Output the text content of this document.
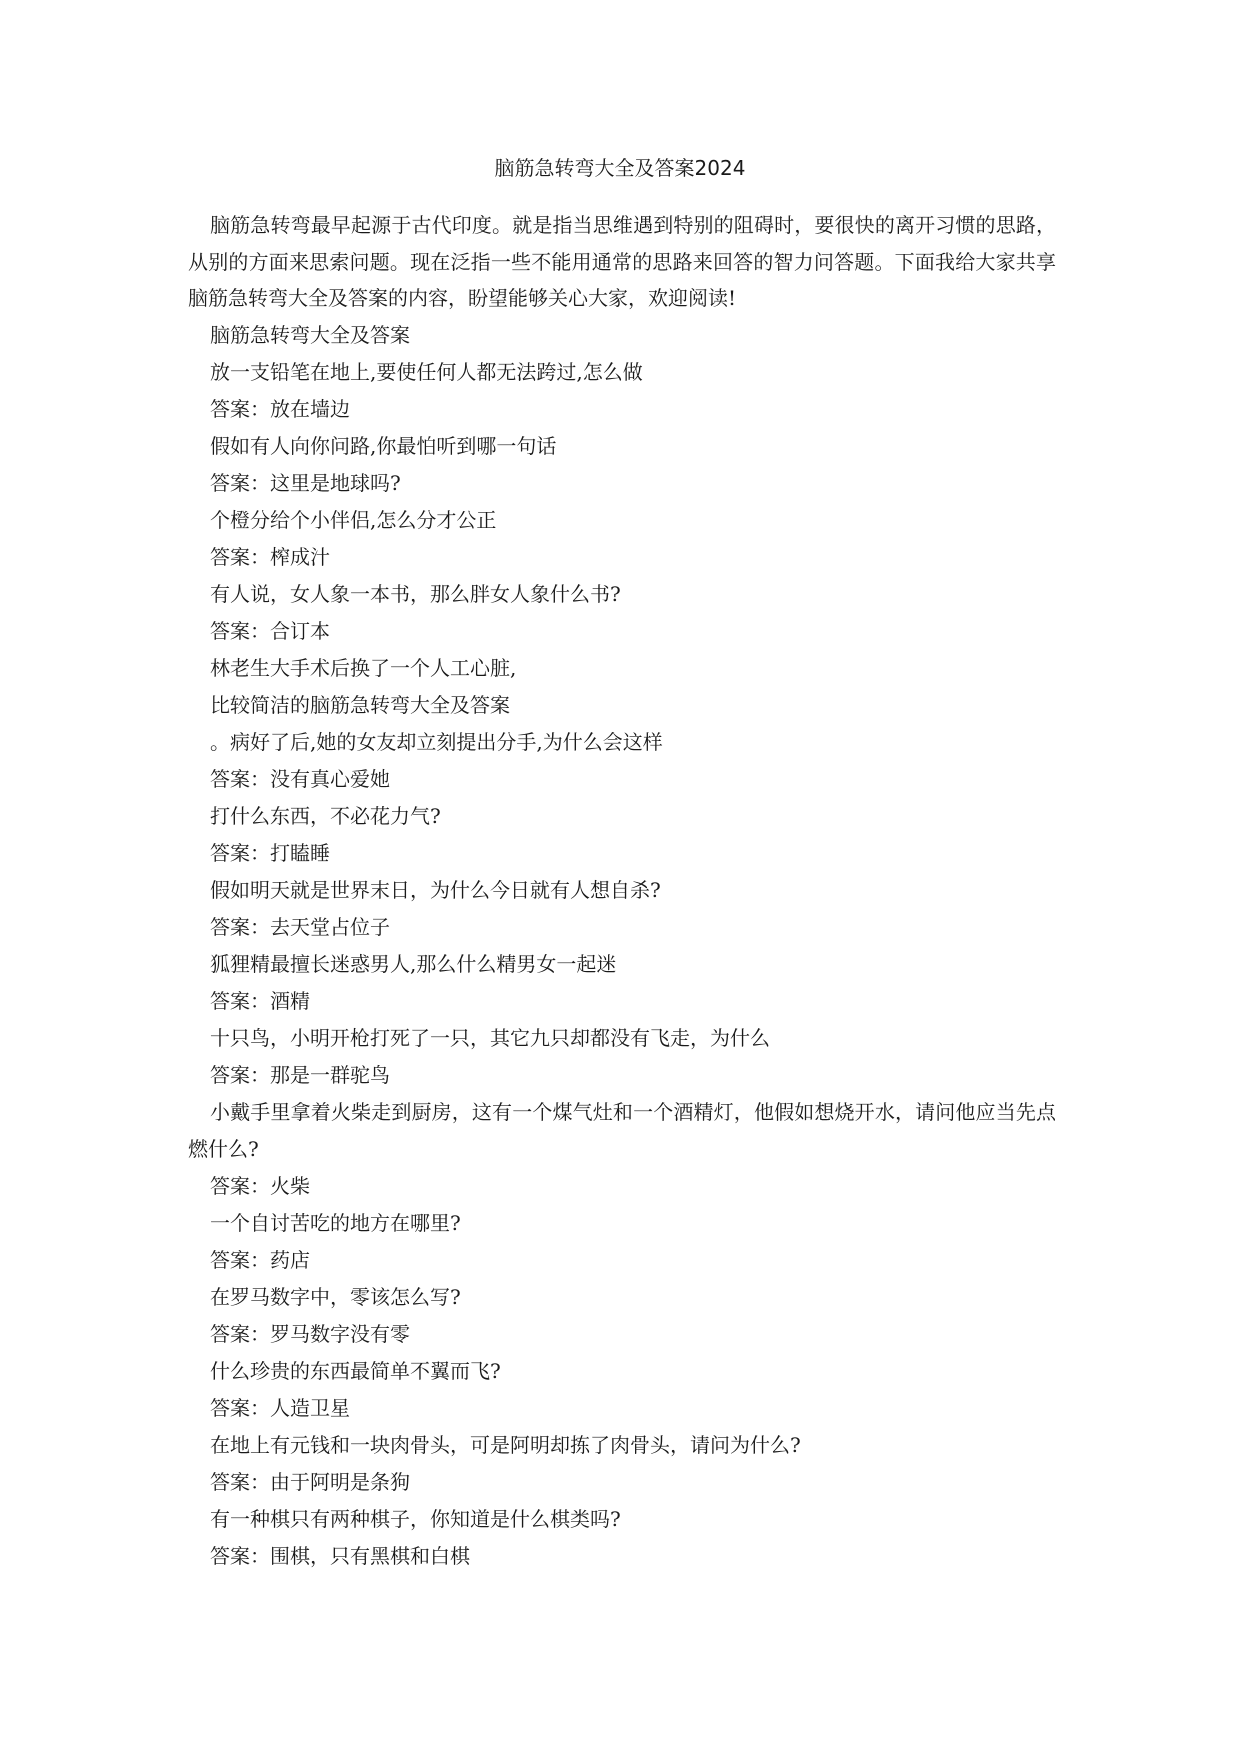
脑筋急转弯大全及答案2024

脑筋急转弯最早起源于古代印度。就是指当思维遇到特别的阻碍时，要很快的离开习惯的思路，从别的方面来思索问题。现在泛指一些不能用通常的思路来回答的智力问答题。下面我给大家共享脑筋急转弯大全及答案的内容，盼望能够关心大家，欢迎阅读!

脑筋急转弯大全及答案
放一支铅笔在地上,要使任何人都无法跨过,怎么做
答案：放在墙边
假如有人向你问路,你最怕听到哪一句话
答案：这里是地球吗?
个橙分给个小伴侣,怎么分才公正
答案：榨成汁
有人说，女人象一本书，那么胖女人象什么书?
答案：合订本
林老生大手术后换了一个人工心脏,
比较简洁的脑筋急转弯大全及答案
。病好了后,她的女友却立刻提出分手,为什么会这样
答案：没有真心爱她
打什么东西，不必花力气?
答案：打瞌睡
假如明天就是世界末日，为什么今日就有人想自杀?
答案：去天堂占位子
狐狸精最擅长迷惑男人,那么什么精男女一起迷
答案：酒精
十只鸟，小明开枪打死了一只，其它九只却都没有飞走，为什么
答案：那是一群驼鸟
小戴手里拿着火柴走到厨房，这有一个煤气灶和一个酒精灯，他假如想烧开水，请问他应当先点燃什么?
答案：火柴
一个自讨苦吃的地方在哪里?
答案：药店
在罗马数字中，零该怎么写?
答案：罗马数字没有零
什么珍贵的东西最简单不翼而飞?
答案：人造卫星
在地上有元钱和一块肉骨头，可是阿明却拣了肉骨头，请问为什么?
答案：由于阿明是条狗
有一种棋只有两种棋子，你知道是什么棋类吗?
答案：围棋，只有黑棋和白棋
